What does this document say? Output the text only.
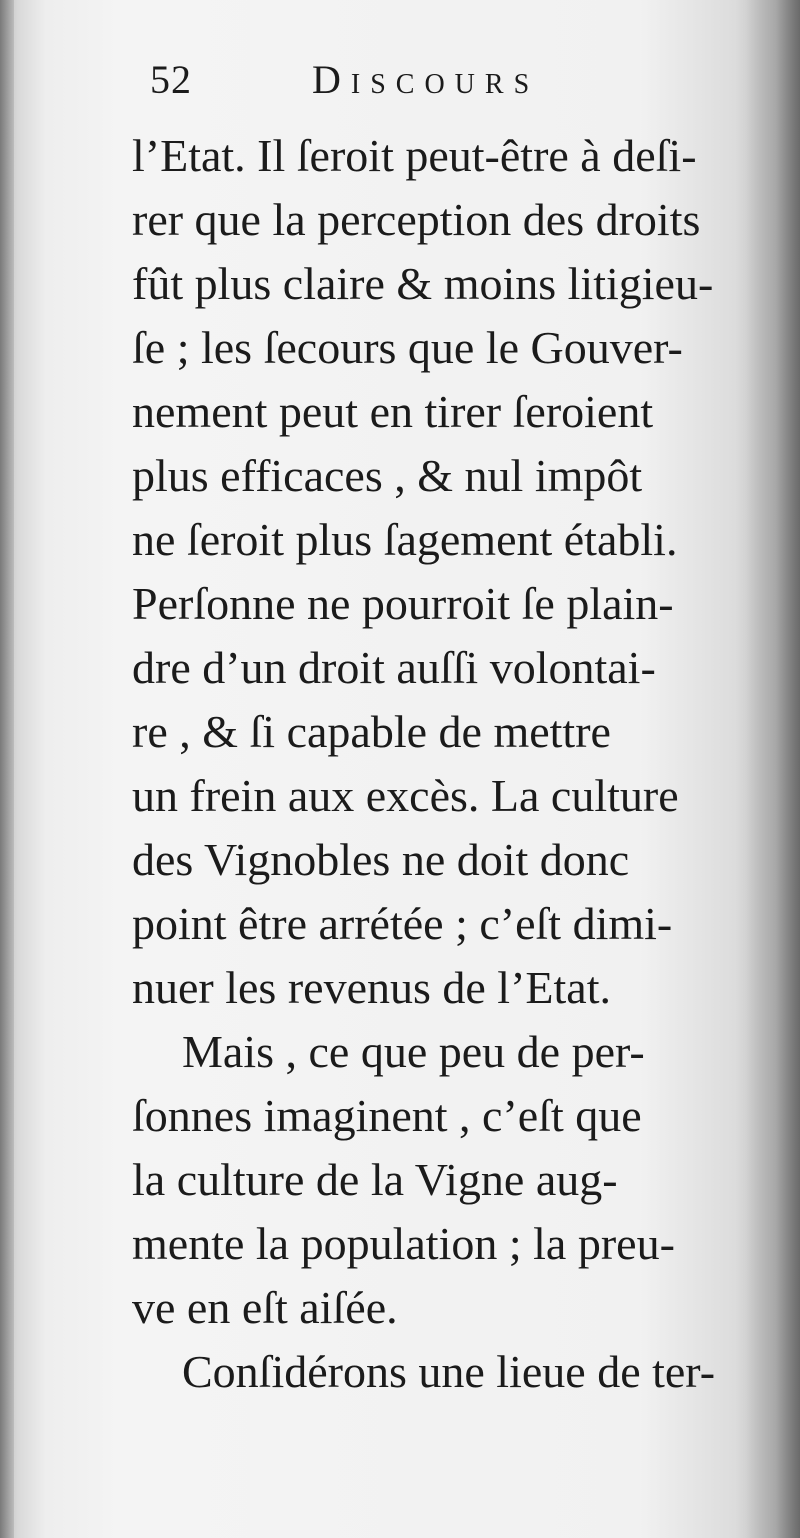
52	Discours
l’Etat. Il ſeroit peut-être à deſi-
rer que la perception des droits
fût plus claire & moins litigieu-
ſe ; les ſecours que le Gouver-
nement peut en tirer ſeroient
plus efficaces , & nul impôt
ne ſeroit plus ſagement établi.
Perſonne ne pourroit ſe plain-
dre d’un droit auſſi volontai-
re , & ſi capable de mettre
un frein aux excès. La culture
des Vignobles ne doit donc
point être arrétée ; c’eſt dimi-
nuer les revenus de l’Etat.
Mais , ce que peu de per-
ſonnes imaginent , c’eſt que
la culture de la Vigne aug-
mente la population ; la preu-
ve en eſt aiſée.
Conſidérons une lieue de ter-
